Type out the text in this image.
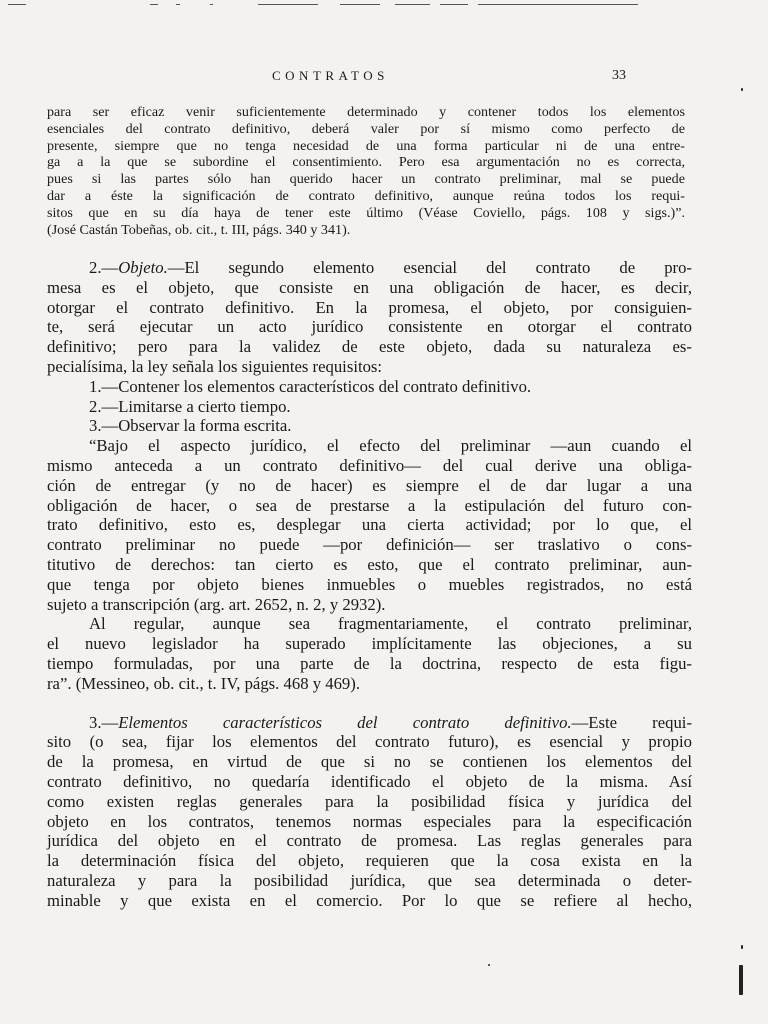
CONTRATOS	33
para ser eficaz venir suficientemente determinado y contener todos los elementos
esenciales del contrato definitivo, deberá valer por sí mismo como perfecto de
presente, siempre que no tenga necesidad de una forma particular ni de una entre-
ga a la que se subordine el consentimiento. Pero esa argumentación no es correcta,
pues si las partes sólo han querido hacer un contrato preliminar, mal se puede
dar a éste la significación de contrato definitivo, aunque reúna todos los requi-
sitos que en su día haya de tener este último (Véase Coviello, págs. 108 y sigs.)”.
(José Castán Tobeñas, ob. cit., t. III, págs. 340 y 341).
2.—Objeto.—El segundo elemento esencial del contrato de pro-
mesa es el objeto, que consiste en una obligación de hacer, es decir,
otorgar el contrato definitivo. En la promesa, el objeto, por consiguien-
te, será ejecutar un acto jurídico consistente en otorgar el contrato
definitivo; pero para la validez de este objeto, dada su naturaleza es-
pecialísima, la ley señala los siguientes requisitos:
1.—Contener los elementos característicos del contrato definitivo.
2.—Limitarse a cierto tiempo.
3.—Observar la forma escrita.
“Bajo el aspecto jurídico, el efecto del preliminar —aun cuando el
mismo anteceda a un contrato definitivo— del cual derive una obliga-
ción de entregar (y no de hacer) es siempre el de dar lugar a una
obligación de hacer, o sea de prestarse a la estipulación del futuro con-
trato definitivo, esto es, desplegar una cierta actividad; por lo que, el
contrato preliminar no puede —por definición— ser traslativo o cons-
titutivo de derechos: tan cierto es esto, que el contrato preliminar, aun-
que tenga por objeto bienes inmuebles o muebles registrados, no está
sujeto a transcripción (arg. art. 2652, n. 2, y 2932).
Al regular, aunque sea fragmentariamente, el contrato preliminar,
el nuevo legislador ha superado implícitamente las objeciones, a su
tiempo formuladas, por una parte de la doctrina, respecto de esta figu-
ra”. (Messineo, ob. cit., t. IV, págs. 468 y 469).
3.—Elementos característicos del contrato definitivo.—Este requi-
sito (o sea, fijar los elementos del contrato futuro), es esencial y propio
de la promesa, en virtud de que si no se contienen los elementos del
contrato definitivo, no quedaría identificado el objeto de la misma. Así
como existen reglas generales para la posibilidad física y jurídica del
objeto en los contratos, tenemos normas especiales para la especificación
jurídica del objeto en el contrato de promesa. Las reglas generales para
la determinación física del objeto, requieren que la cosa exista en la
naturaleza y para la posibilidad jurídica, que sea determinada o deter-
minable y que exista en el comercio. Por lo que se refiere al hecho,
